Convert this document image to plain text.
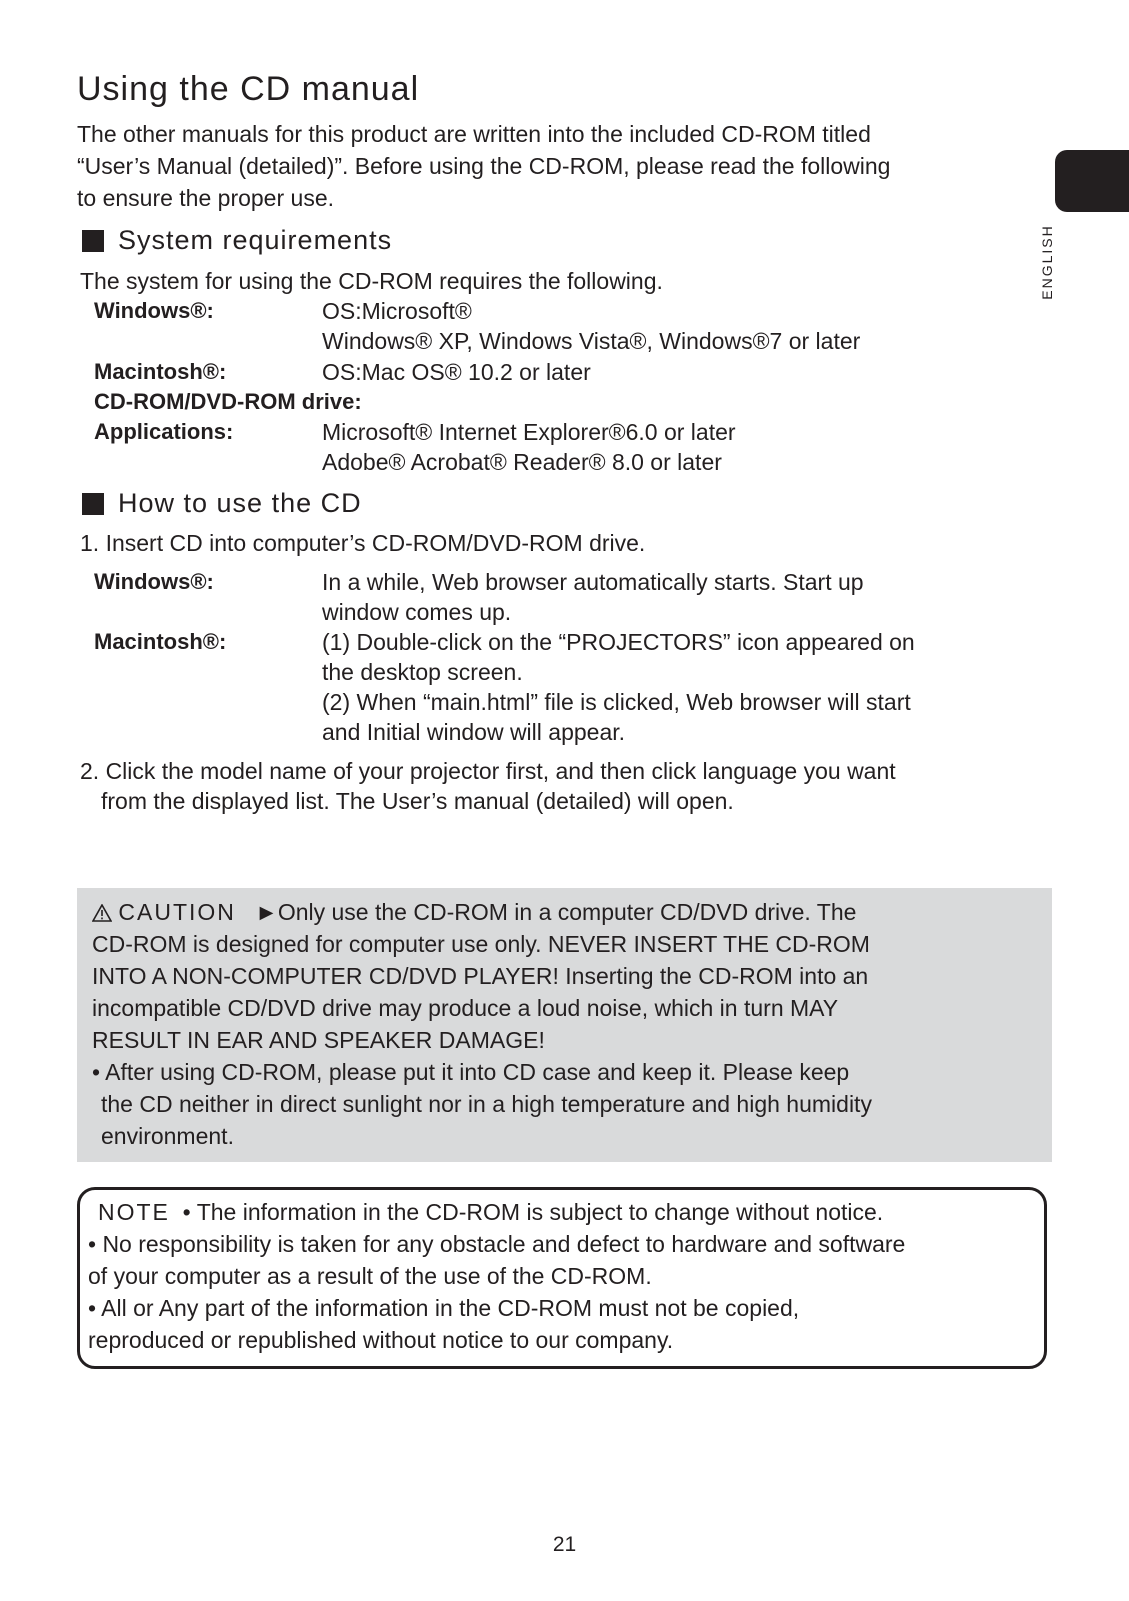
ENGLISH
Using the CD manual
The other manuals for this product are written into the included CD-ROM titled
“User’s Manual (detailed)”. Before using the CD-ROM, please read the following
to ensure the proper use.
System requirements

The system for using the CD-ROM requires the following.

Windows®:	OS:Microsoft®
Windows® XP, Windows Vista®, Windows®7 or later
Macintosh®:	OS:Mac OS® 10.2 or later
CD-ROM/DVD-ROM drive:
Applications:	Microsoft® Internet Explorer®6.0 or later
Adobe® Acrobat® Reader® 8.0 or later
How to use the CD

1. Insert CD into computer’s CD-ROM/DVD-ROM drive.

Windows®:	In a while, Web browser automatically starts. Start up
window comes up.
Macintosh®:	(1) Double-click on the “PROJECTORS” icon appeared on
the desktop screen.
(2) When “main.html” file is clicked, Web browser will start
and Initial window will appear.

2. Click the model name of your projector first, and then click language you want

from the displayed list. The User’s manual (detailed) will open.

CAUTION ►Only use the CD-ROM in a computer CD/DVD drive. The
CD-ROM is designed for computer use only. NEVER INSERT THE CD-ROM
INTO A NON-COMPUTER CD/DVD PLAYER! Inserting the CD-ROM into an
incompatible CD/DVD drive may produce a loud noise, which in turn MAY
RESULT IN EAR AND SPEAKER DAMAGE!
• After using CD-ROM, please put it into CD case and keep it. Please keep
the CD neither in direct sunlight nor in a high temperature and high humidity
environment.
NOTE • The information in the CD-ROM is subject to change without notice.
• No responsibility is taken for any obstacle and defect to hardware and software
of your computer as a result of the use of the CD-ROM.
• All or Any part of the information in the CD-ROM must not be copied,
reproduced or republished without notice to our company.
21
